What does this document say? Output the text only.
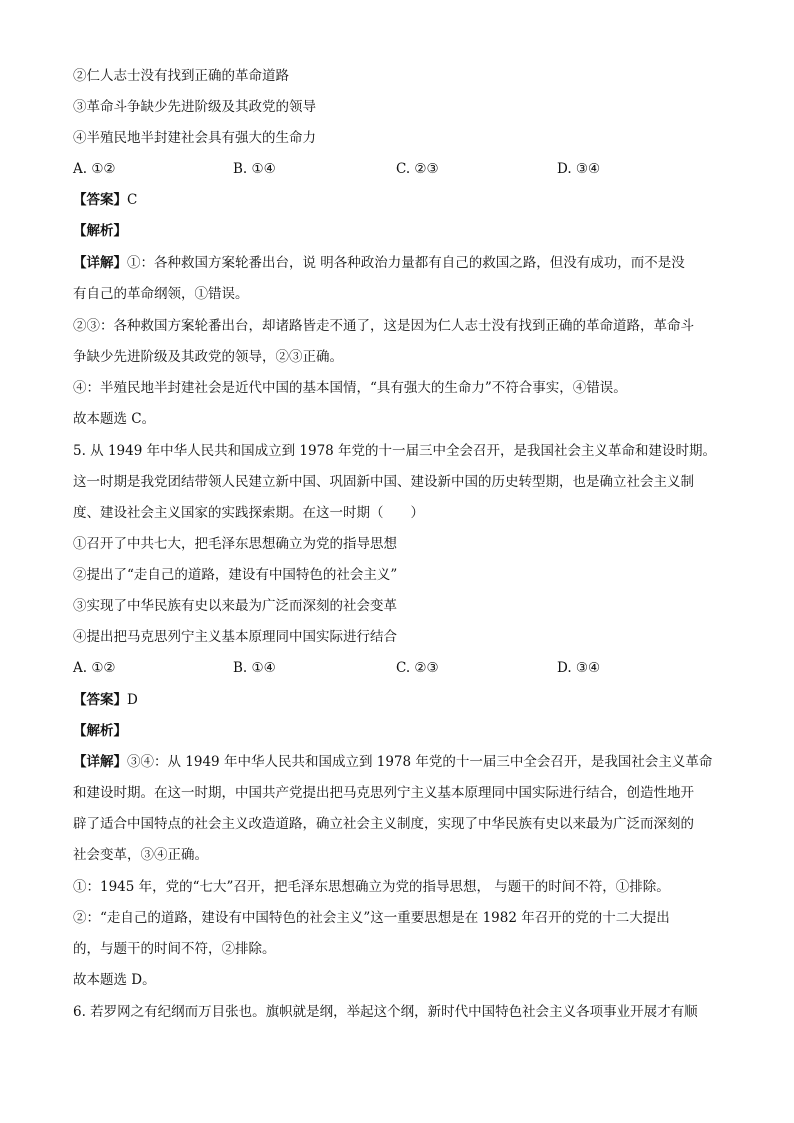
②仁人志士没有找到正确的革命道路
③革命斗争缺少先进阶级及其政党的领导
④半殖民地半封建社会具有强大的生命力
A. ①②	B. ①④	C. ②③	D. ③④
【答案】C
【解析】
【详解】①：各种救国方案轮番出台，说 明各种政治力量都有自己的救国之路，但没有成功，而不是没
有自己的革命纲领，①错误。
②③：各种救国方案轮番出台，却诸路皆走不通了，这是因为仁人志士没有找到正确的革命道路，革命斗
争缺少先进阶级及其政党的领导，②③正确。
④：半殖民地半封建社会是近代中国的基本国情，“具有强大的生命力”不符合事实，④错误。
故本题选 C。
5. 从 1949 年中华人民共和国成立到 1978 年党的十一届三中全会召开，是我国社会主义革命和建设时期。
这一时期是我党团结带领人民建立新中国、巩固新中国、建设新中国的历史转型期，也是确立社会主义制
度、建设社会主义国家的实践探索期。在这一时期（　　）
①召开了中共七大，把毛泽东思想确立为党的指导思想
②提出了“走自己的道路，建设有中国特色的社会主义”
③实现了中华民族有史以来最为广泛而深刻的社会变革
④提出把马克思列宁主义基本原理同中国实际进行结合
A. ①②	B. ①④	C. ②③	D. ③④
【答案】D
【解析】
【详解】③④：从 1949 年中华人民共和国成立到 1978 年党的十一届三中全会召开，是我国社会主义革命
和建设时期。在这一时期，中国共产党提出把马克思列宁主义基本原理同中国实际进行结合，创造性地开
辟了适合中国特点的社会主义改造道路，确立社会主义制度，实现了中华民族有史以来最为广泛而深刻的
社会变革，③④正确。
①：1945 年，党的“七大”召开，把毛泽东思想确立为党的指导思想， 与题干的时间不符，①排除。
②：“走自己的道路，建设有中国特色的社会主义”这一重要思想是在 1982 年召开的党的十二大提出
的，与题干的时间不符，②排除。
故本题选 D。
6. 若罗网之有纪纲而万目张也。旗帜就是纲，举起这个纲，新时代中国特色社会主义各项事业开展才有顺
